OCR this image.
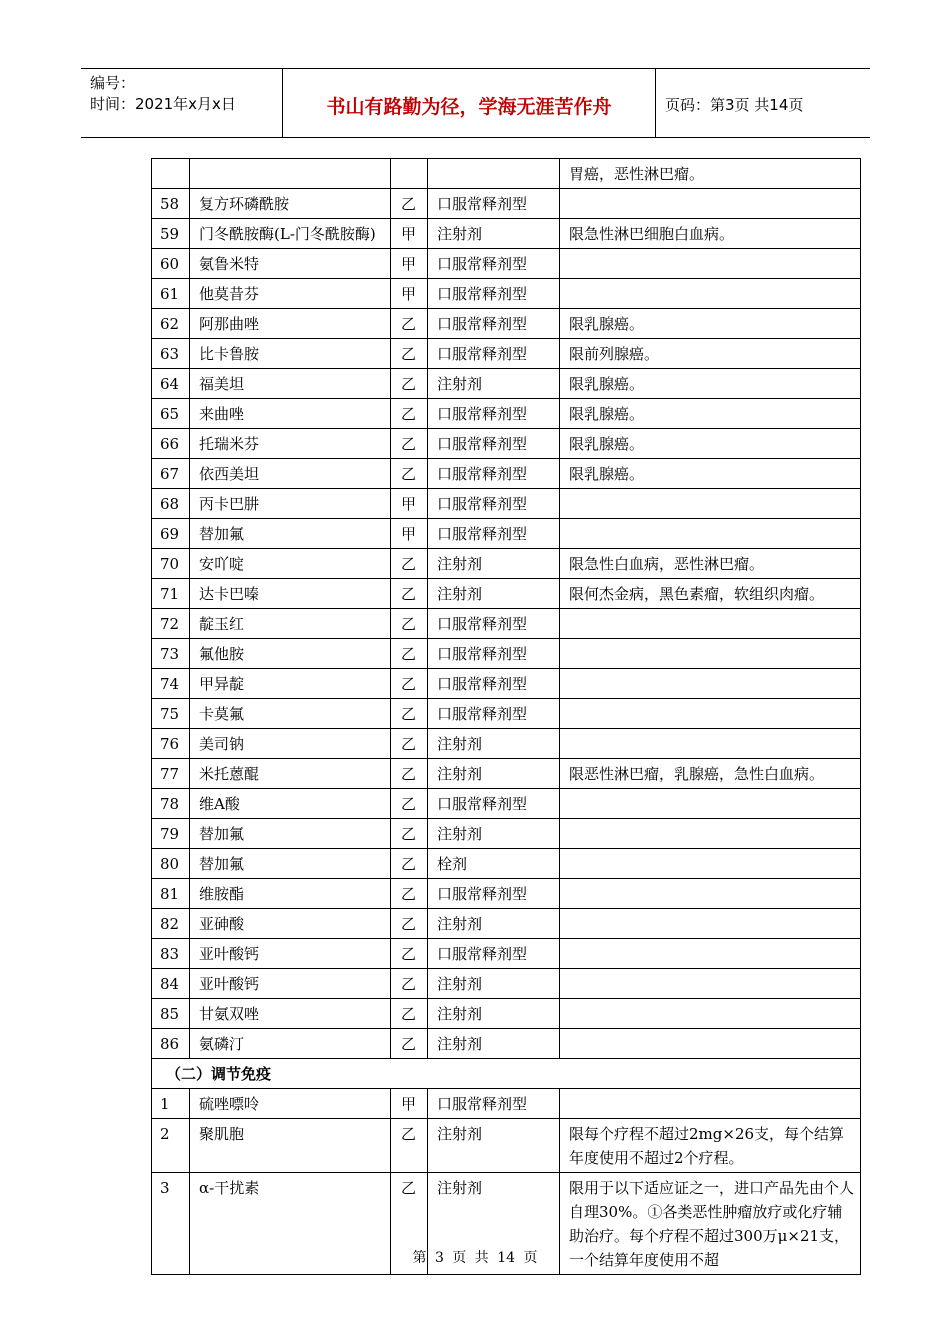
编号：
时间：2021年x月x日	书山有路勤为径，学海无涯苦作舟	页码：第3页 共14页
				胃癌，恶性淋巴瘤。
58	复方环磷酰胺	乙	口服常释剂型	
59	门冬酰胺酶(L-门冬酰胺酶)	甲	注射剂	限急性淋巴细胞白血病。
60	氨鲁米特	甲	口服常释剂型	
61	他莫昔芬	甲	口服常释剂型	
62	阿那曲唑	乙	口服常释剂型	限乳腺癌。
63	比卡鲁胺	乙	口服常释剂型	限前列腺癌。
64	福美坦	乙	注射剂	限乳腺癌。
65	来曲唑	乙	口服常释剂型	限乳腺癌。
66	托瑞米芬	乙	口服常释剂型	限乳腺癌。
67	依西美坦	乙	口服常释剂型	限乳腺癌。
68	丙卡巴肼	甲	口服常释剂型	
69	替加氟	甲	口服常释剂型	
70	安吖啶	乙	注射剂	限急性白血病，恶性淋巴瘤。
71	达卡巴嗪	乙	注射剂	限何杰金病，黑色素瘤，软组织肉瘤。
72	靛玉红	乙	口服常释剂型	
73	氟他胺	乙	口服常释剂型	
74	甲异靛	乙	口服常释剂型	
75	卡莫氟	乙	口服常释剂型	
76	美司钠	乙	注射剂	
77	米托蒽醌	乙	注射剂	限恶性淋巴瘤，乳腺癌，急性白血病。
78	维A酸	乙	口服常释剂型	
79	替加氟	乙	注射剂	
80	替加氟	乙	栓剂	
81	维胺酯	乙	口服常释剂型	
82	亚砷酸	乙	注射剂	
83	亚叶酸钙	乙	口服常释剂型	
84	亚叶酸钙	乙	注射剂	
85	甘氨双唑	乙	注射剂	
86	氨磷汀	乙	注射剂	
（二）调节免疫				
1	硫唑嘌呤	甲	口服常释剂型	
2	聚肌胞	乙	注射剂	限每个疗程不超过2mg×26支，每个结算年度使用不超过2个疗程。
3	α-干扰素	乙	注射剂	限用于以下适应证之一，进口产品先由个人自理30%。①各类恶性肿瘤放疗或化疗辅助治疗。每个疗程不超过300万μ×21支，一个结算年度使用不超
第 3 页 共 14 页
